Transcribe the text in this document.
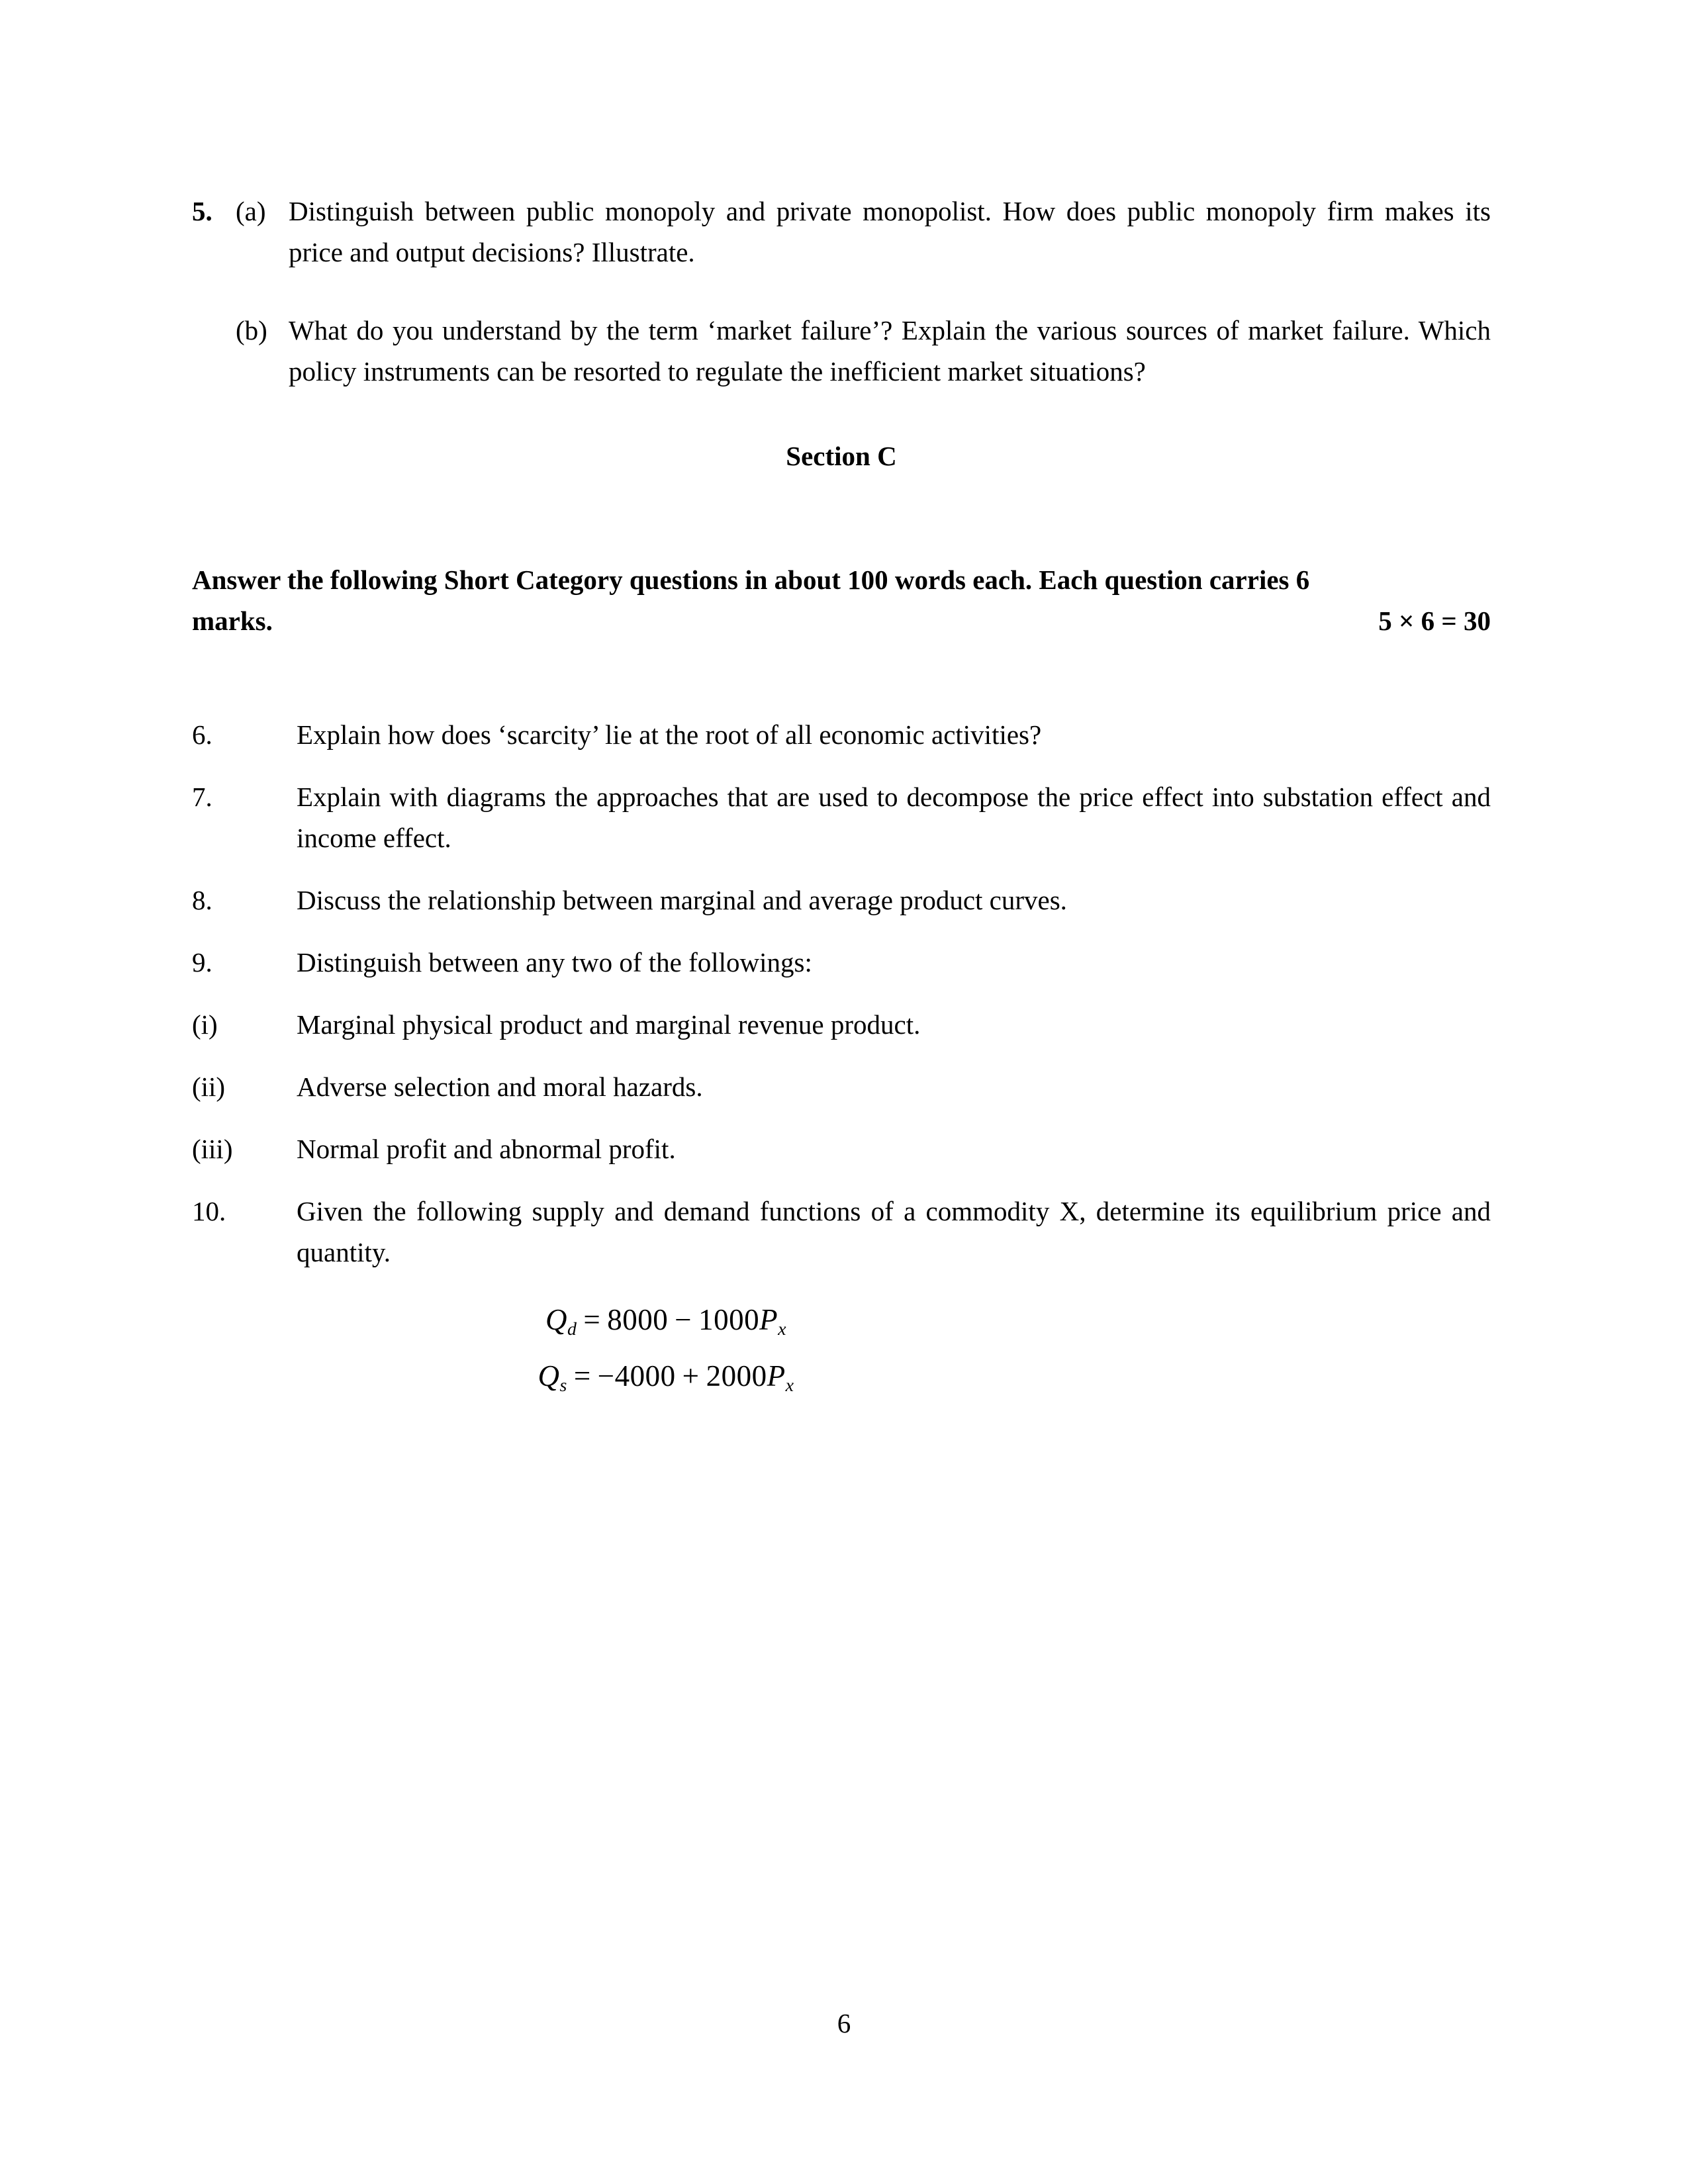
5. (a) Distinguish between public monopoly and private monopolist. How does public monopoly firm makes its price and output decisions? Illustrate.
(b) What do you understand by the term ‘market failure’? Explain the various sources of market failure. Which policy instruments can be resorted to regulate the inefficient market situations?
Section C
Answer the following Short Category questions in about 100 words each. Each question carries 6
marks.	5 × 6 = 30
6.	Explain how does ‘scarcity’ lie at the root of all economic activities?
7.	Explain with diagrams the approaches that are used to decompose the price effect into substation effect and income effect.
8.	Discuss the relationship between marginal and average product curves.
9.	Distinguish between any two of the followings:
(i)	Marginal physical product and marginal revenue product.
(ii)	Adverse selection and moral hazards.
(iii)	Normal profit and abnormal profit.
10.	Given the following supply and demand functions of a commodity X, determine its equilibrium price and quantity.
$Q_d = 8000 - 1000P_x$
$Q_s = -4000 + 2000P_x$
6
